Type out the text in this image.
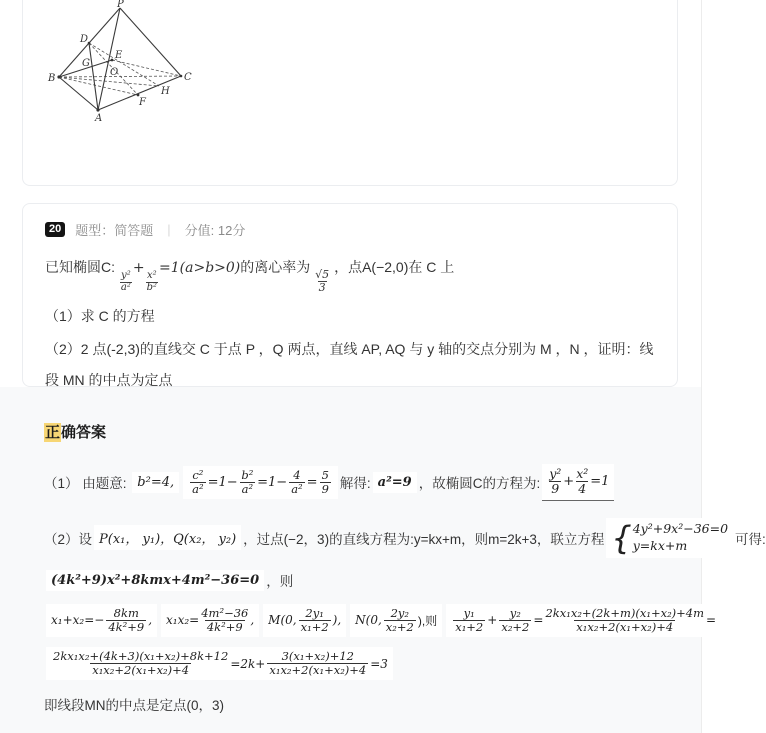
P
D
E
G
B
O	C
H
F
A
20	题型：简答题 | 分值: 12分
已知椭圆C:
$\frac{\text{y²}}{\text{a²}}$
+
$\frac{\text{x²}}{\text{b²}}$
=1(a>b>0)的离心率为
$\frac{√5}{3}$
，点A(−2,0)在 C 上
（1）求 C 的方程
（2）2 点(-2,3)的直线交 C 于点 P ，Q 两点，直线 AP, AQ 与 y 轴的交点分别为 M ，N ，证明：线段 MN 的中点为定点
正确答案
（1） 由题意:
b²=4,	$\frac{\text{c²}}{\text{a²}} =1- \frac{\text{b²}}{\text{a²}} =1- \frac{4}{\text{a²}} = \frac{5}{9}$ 解得: a²=9 ，故椭圆C的方程为: $\frac{\text{y²}}{9} + \frac{\text{x²}}{4} =1$
（2）设 P(x₁， y₁)，Q(x₂， y₂) ，过点(−2，3)的直线方程为:y=kx+m，则m=2k+3，联立方程 { 4y²+9x²−36=0
y=kx+m	可得:
(4k²+9)x²+8kmx+4m²−36=0 ，则
$x_1+x_2=- \frac{8km}{\text{4k²+9}}$ , $x_1x_2= \frac{\text{4m²−36}}{\text{4k²+9}}$ , M(0, $\frac{\text{2y₁}}{\text{x₁+2}}$ ), N(0, $\frac{\text{2y₂}}{\text{x₂+2}}$ ),则 $\frac{\text{y₁}}{\text{x₁+2}} + \frac{\text{y₂}}{\text{x₂+2}} = \frac{\text{2kx₁x₂+(2k+m)(x₁+x₂)+4m}}{\text{x₁x₂+2(x₁+x₂)+4}}$ =
$\frac{\text{2kx₁x₂+(4k+3)(x₁+x₂)+8k+12}}{\text{x₁x₂+2(x₁+x₂)+4}} =2k+ \frac{\text{3(x₁+x₂)+12}}{\text{x₁x₂+2(x₁+x₂)+4}} =3$
即线段MN的中点是定点(0，3)
